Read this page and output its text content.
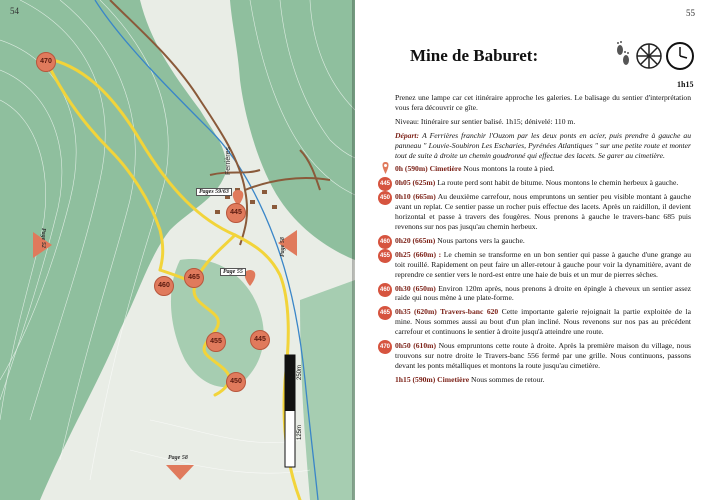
54
Ferrières
Pages 59/63
Page 55
Page 52	Page 58
Page 58
470
445
465
460
455	445
450
250m
125m
55
Mine de Baburet:
1h15

Prenez une lampe car cet itinéraire approche les galeries. Le balisage du sentier d'interprétation vous fera découvrir ce gîte.

Niveau: Itinéraire sur sentier balisé. 1h15; dénivelé: 110 m.

Départ: A Ferrières franchir l'Ouzom par les deux ponts en acier, puis prendre à gauche au panneau " Louvie-Soubiron Les Escharies, Pyrénées Atlantiques " sur une petite route et monter tout de suite à droite un chemin goudronné qui effectue des lacets. Se garer au cimetière.

0h (590m) Cimetière Nous montons la route à pied.
445 0h05 (625m) La route perd sont habit de bitume. Nous montons le chemin herbeux à gauche.
450 0h10 (665m) Au deuxième carrefour, nous empruntons un sentier peu visible montant à gauche avant un replat. Ce sentier passe un rocher puis effectue des lacets. Après un raidillon, il devient horizontal et passe à travers des fougères. Nous prenons à gauche le travers-banc 685 puis revenons sur nos pas jusqu'au chemin herbeux.
460 0h20 (665m) Nous partons vers la gauche.
455 0h25 (660m) : Le chemin se transforme en un bon sentier qui passe à gauche d'une grange au toit rouillé. Rapidement on peut faire un aller-retour à gauche pour voir la dynamitière, avant de reprendre ce sentier vers le nord-est entre une haie de buis et un mur de pierres sèches.
460 0h30 (650m) Environ 120m après, nous prenons à droite en épingle à cheveux un sentier assez raide qui nous mène à une plate-forme.
465 0h35 (620m) Travers-banc 620 Cette importante galerie rejoignait la partie exploitée de la mine. Nous sommes aussi au bout d'un plan incliné. Nous revenons sur nos pas au précédent carrefour et continuons le sentier à droite jusqu'à atteindre une route.
470 0h50 (610m) Nous empruntons cette route à droite. Après la première maison du village, nous trouvons sur notre droite le Travers-banc 556 fermé par une grille. Nous continuons, passons devant les ponts métalliques et montons la route jusqu'au cimetière.
1h15 (590m) Cimetière Nous sommes de retour.
